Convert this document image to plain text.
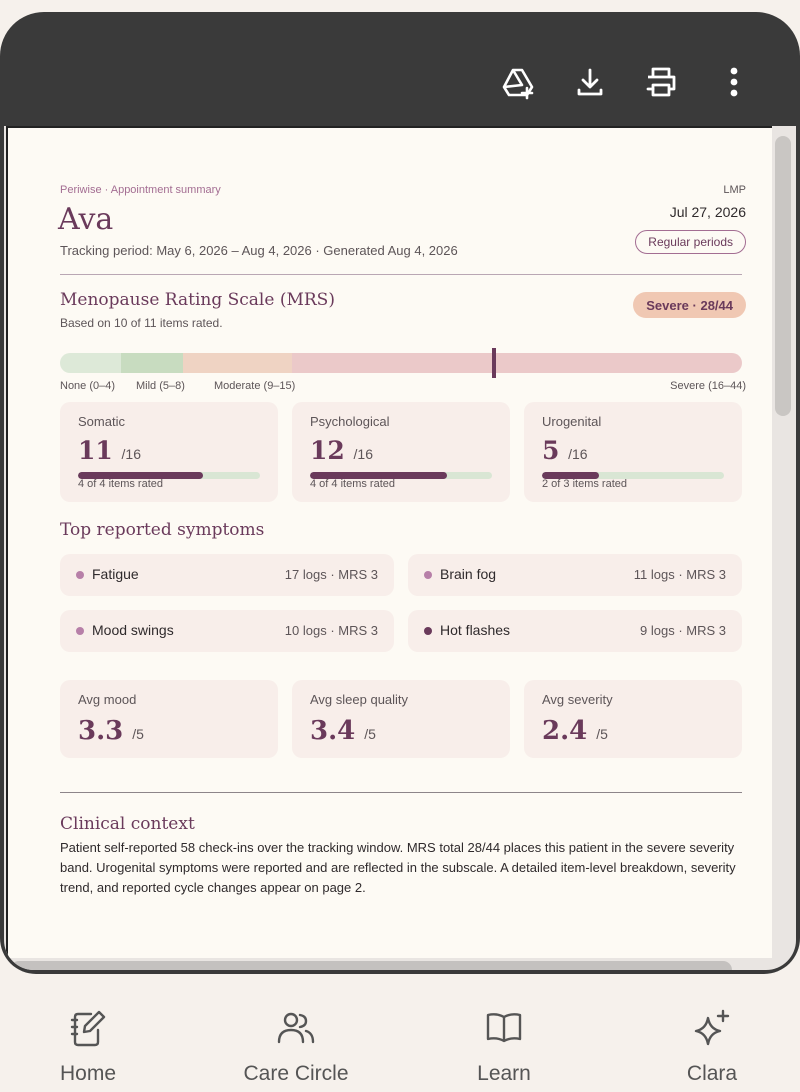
Periwise · Appointment summary
Ava
Tracking period: May 6, 2026 – Aug 4, 2026 · Generated Aug 4, 2026
LMP
Jul 27, 2026
Regular periods
Menopause Rating Scale (MRS)
Based on 10 of 11 items rated.
Severe · 28/44
None (0–4) Mild (5–8)	Moderate (9–15)	Severe (16–44)
Somatic
11 /16
4 of 4 items rated
Psychological
12 /16
4 of 4 items rated
Urogenital
5 /16
2 of 3 items rated
Top reported symptoms
Fatigue	17 logs · MRS 3	Brain fog	11 logs · MRS 3
Mood swings	10 logs · MRS 3	Hot flashes	9 logs · MRS 3
Avg mood
3.3 /5
Avg sleep quality
3.4 /5
Avg severity
2.4 /5
Clinical context
Patient self-reported 58 check-ins over the tracking window. MRS total 28/44 places this patient in the severe severity band. Urogenital symptoms were reported and are reflected in the subscale. A detailed item-level breakdown, severity trend, and reported cycle changes appear on page 2.
Home	Care Circle	Learn	Clara
